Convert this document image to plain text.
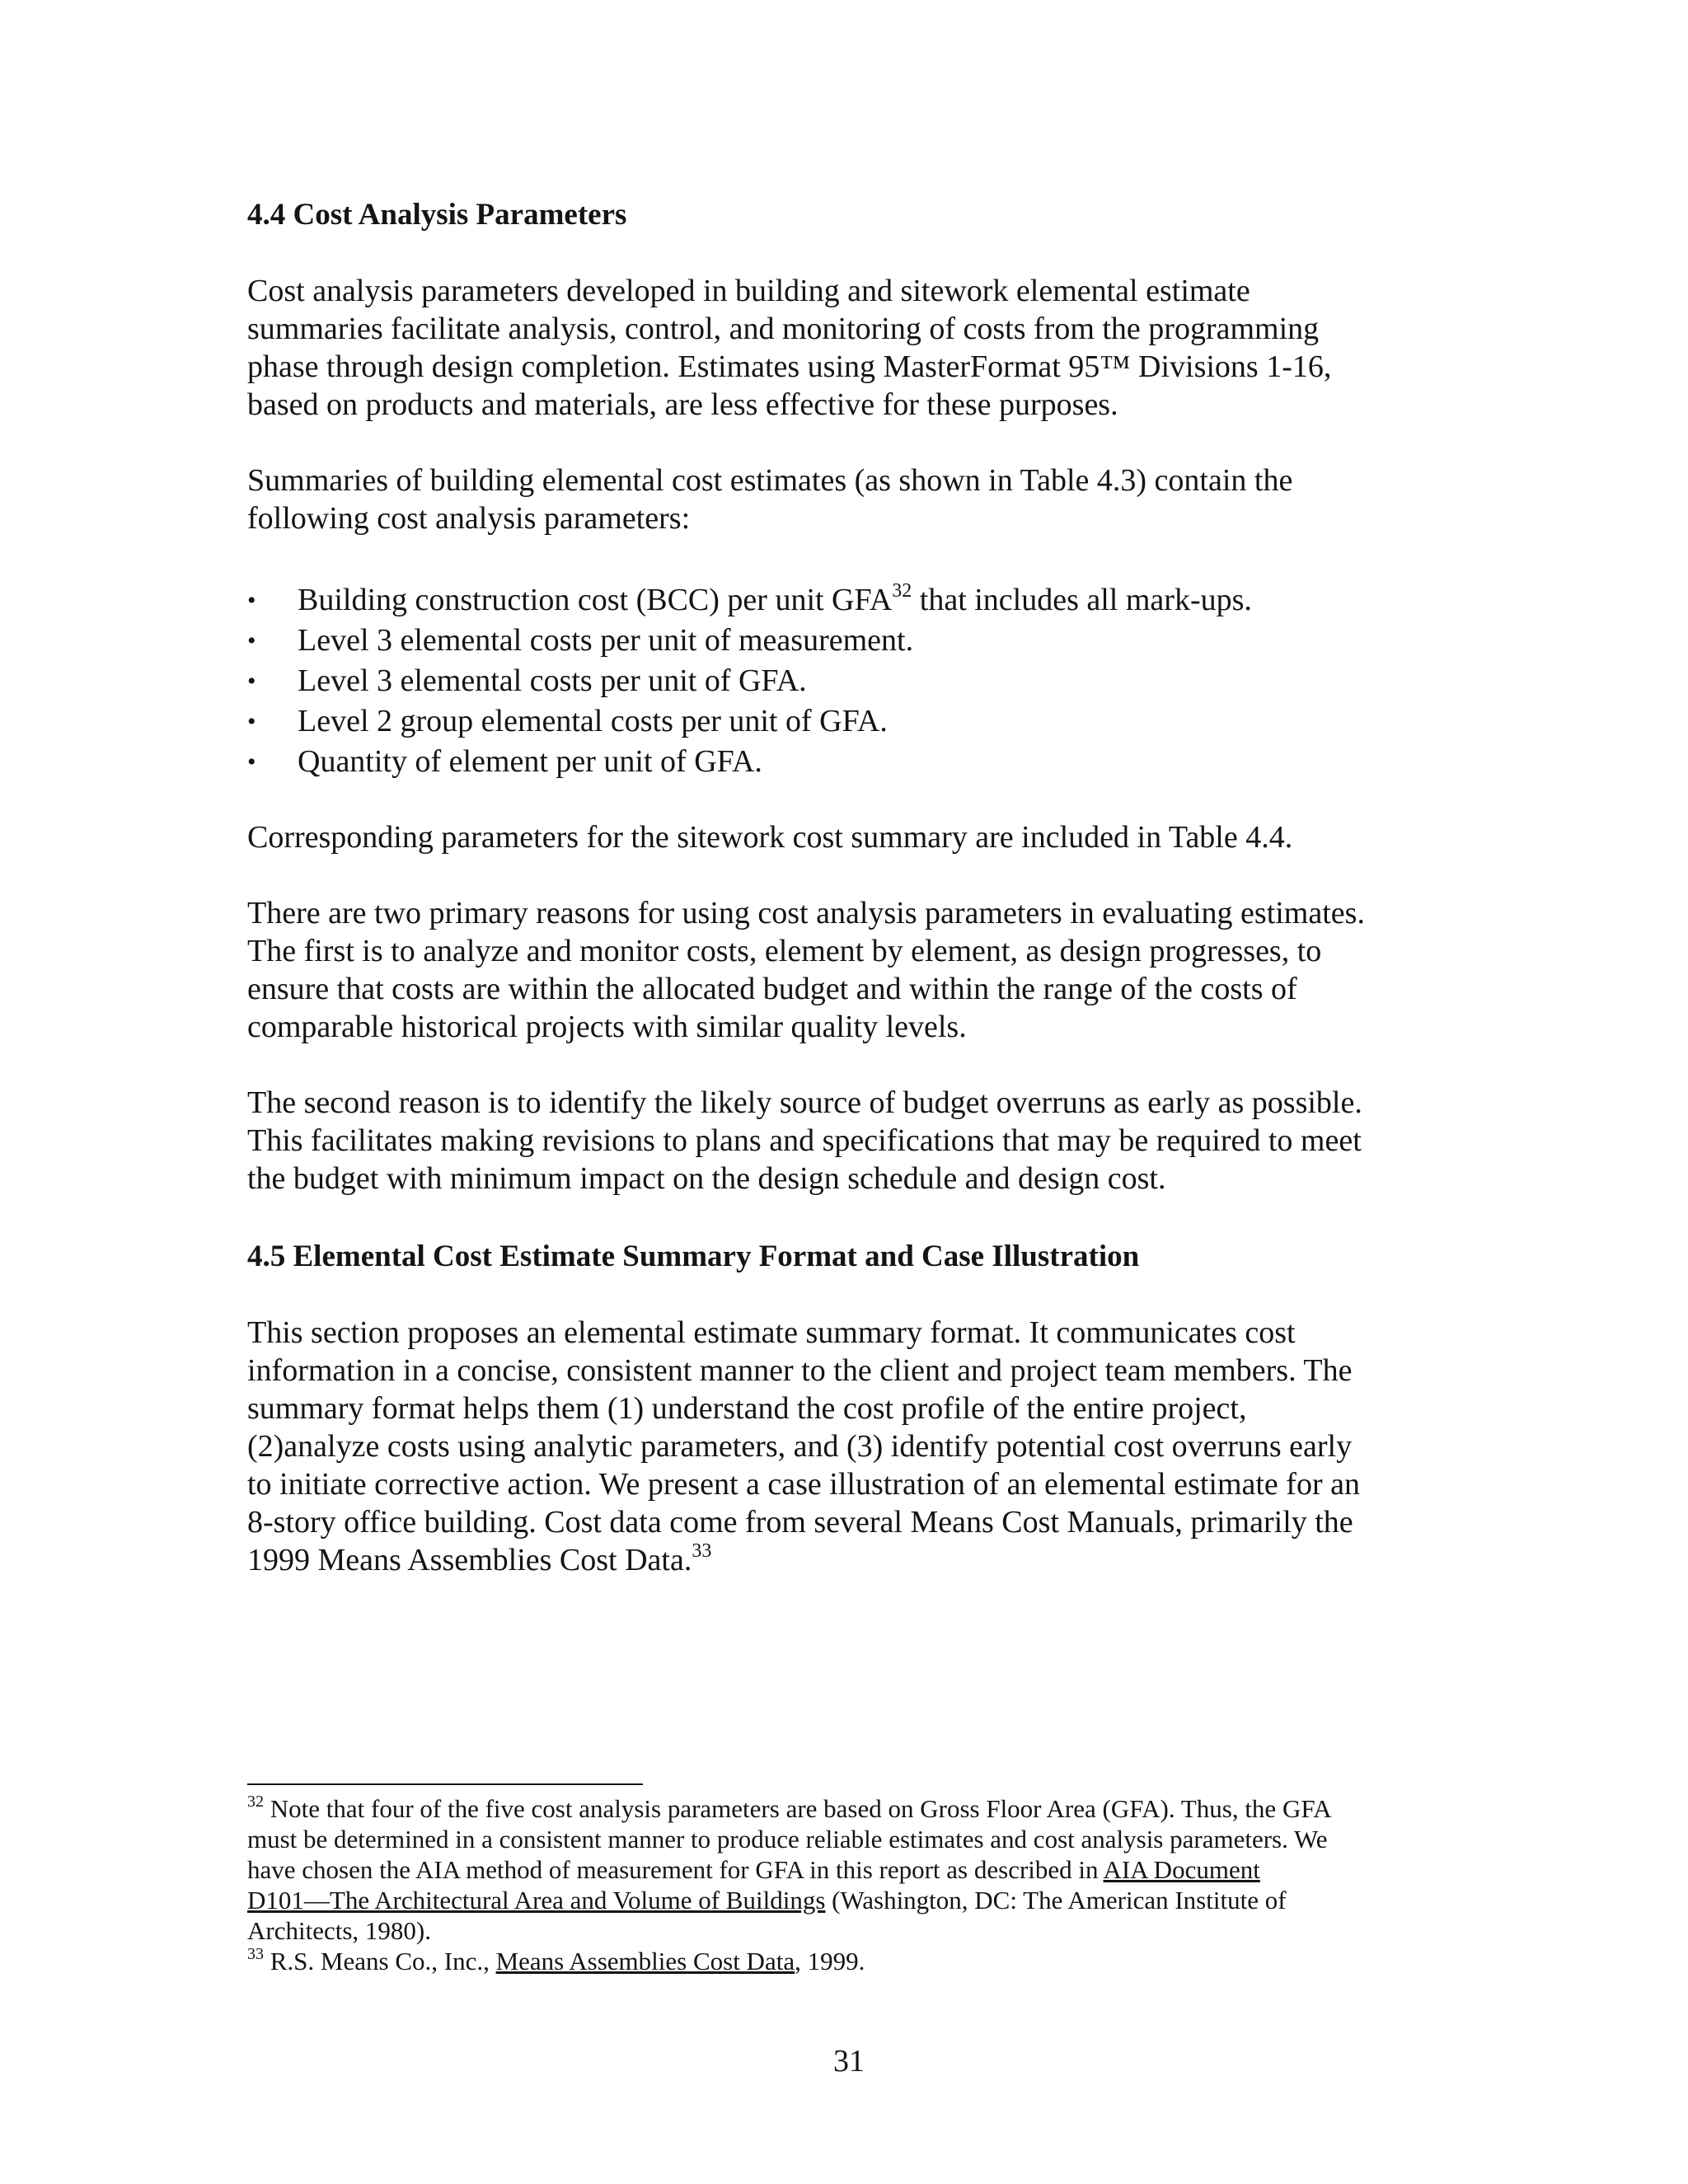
4.4 Cost Analysis Parameters

Cost analysis parameters developed in building and sitework elemental estimate
summaries facilitate analysis, control, and monitoring of costs from the programming
phase through design completion. Estimates using MasterFormat 95™ Divisions 1-16,
based on products and materials, are less effective for these purposes.

Summaries of building elemental cost estimates (as shown in Table 4.3) contain the
following cost analysis parameters:

• Building construction cost (BCC) per unit GFA$^{32}$ that includes all mark-ups.
• Level 3 elemental costs per unit of measurement.
• Level 3 elemental costs per unit of GFA.
• Level 2 group elemental costs per unit of GFA.
• Quantity of element per unit of GFA.

Corresponding parameters for the sitework cost summary are included in Table 4.4.

There are two primary reasons for using cost analysis parameters in evaluating estimates.
The first is to analyze and monitor costs, element by element, as design progresses, to
ensure that costs are within the allocated budget and within the range of the costs of
comparable historical projects with similar quality levels.

The second reason is to identify the likely source of budget overruns as early as possible.
This facilitates making revisions to plans and specifications that may be required to meet
the budget with minimum impact on the design schedule and design cost.

4.5 Elemental Cost Estimate Summary Format and Case Illustration

This section proposes an elemental estimate summary format. It communicates cost
information in a concise, consistent manner to the client and project team members. The
summary format helps them (1) understand the cost profile of the entire project,
(2)analyze costs using analytic parameters, and (3) identify potential cost overruns early
to initiate corrective action. We present a case illustration of an elemental estimate for an
8-story office building. Cost data come from several Means Cost Manuals, primarily the
1999 Means Assemblies Cost Data.$^{33}$

$^{32}$ Note that four of the five cost analysis parameters are based on Gross Floor Area (GFA). Thus, the GFA
must be determined in a consistent manner to produce reliable estimates and cost analysis parameters. We
have chosen the AIA method of measurement for GFA in this report as described in AIA Document
D101—The Architectural Area and Volume of Buildings (Washington, DC: The American Institute of
Architects, 1980).
$^{33}$ R.S. Means Co., Inc., Means Assemblies Cost Data, 1999.
31
